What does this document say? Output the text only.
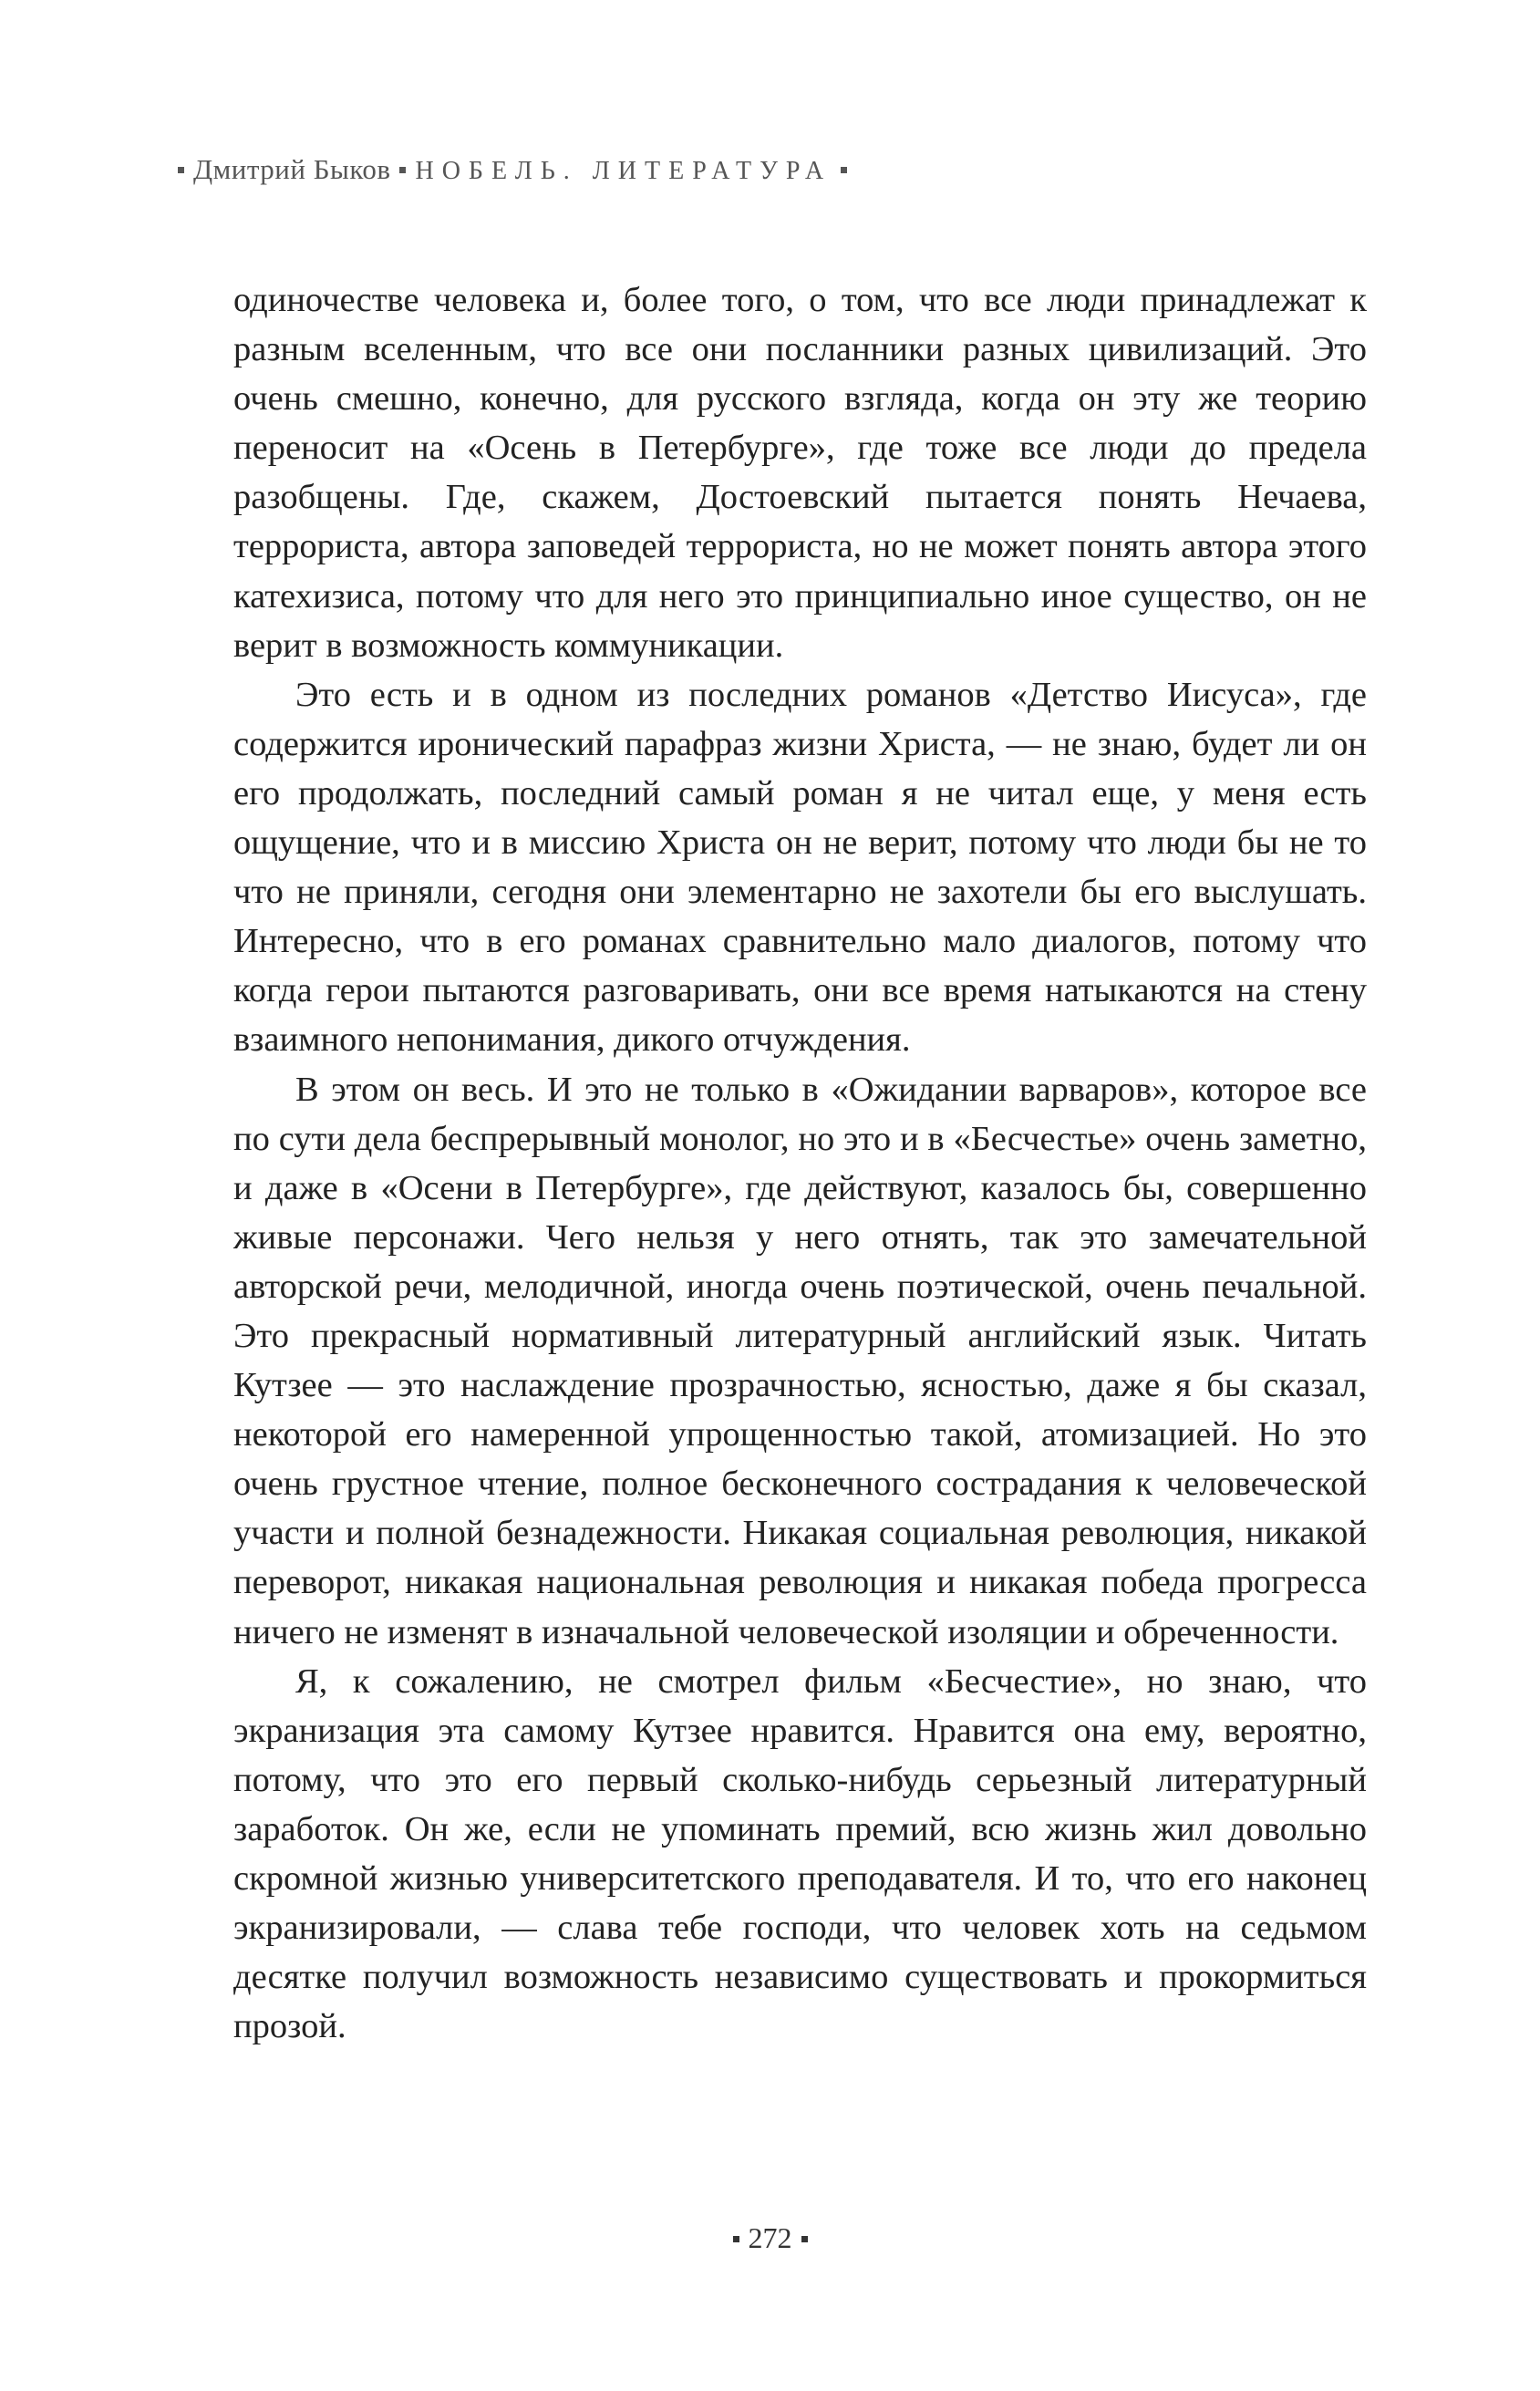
Дмитрий Быков НОБЕЛЬ. ЛИТЕРАТУРА

одиночестве человека и, более того, о том, что все люди принадлежат к разным вселенным, что все они посланники разных цивилизаций. Это очень смешно, конечно, для русского взгляда, когда он эту же теорию переносит на «Осень в Петербурге», где тоже все люди до предела разобщены. Где, скажем, Достоевский пытается понять Нечаева, террориста, автора заповедей террориста, но не может понять автора этого катехизиса, потому что для него это принципиально иное существо, он не верит в возможность коммуникации.

Это есть и в одном из последних романов «Детство Иисуса», где содержится иронический парафраз жизни Христа, — не знаю, будет ли он его продолжать, последний самый роман я не читал еще, у меня есть ощущение, что и в миссию Христа он не верит, потому что люди бы не то что не приняли, сегодня они элементарно не захотели бы его выслушать. Интересно, что в его романах сравнительно мало диалогов, потому что когда герои пытаются разговаривать, они все время натыкаются на стену взаимного непонимания, дикого отчуждения.

В этом он весь. И это не только в «Ожидании варваров», которое все по сути дела беспрерывный монолог, но это и в «Бесчестье» очень заметно, и даже в «Осени в Петербурге», где действуют, казалось бы, совершенно живые персонажи. Чего нельзя у него отнять, так это замечательной авторской речи, мелодичной, иногда очень поэтической, очень печальной. Это прекрасный нормативный литературный английский язык. Читать Кутзее — это наслаждение прозрачностью, ясностью, даже я бы сказал, некоторой его намеренной упрощенностью такой, атомизацией. Но это очень грустное чтение, полное бесконечного сострадания к человеческой участи и полной безнадежности. Никакая социальная революция, никакой переворот, никакая национальная революция и никакая победа прогресса ничего не изменят в изначальной человеческой изоляции и обреченности.

Я, к сожалению, не смотрел фильм «Бесчестие», но знаю, что экранизация эта самому Кутзее нравится. Нравится она ему, вероятно, потому, что это его первый сколько-нибудь серьезный литературный заработок. Он же, если не упоминать премий, всю жизнь жил довольно скромной жизнью университетского преподавателя. И то, что его наконец экранизировали, — слава тебе господи, что человек хоть на седьмом десятке получил возможность независимо существовать и прокормиться прозой.

272
